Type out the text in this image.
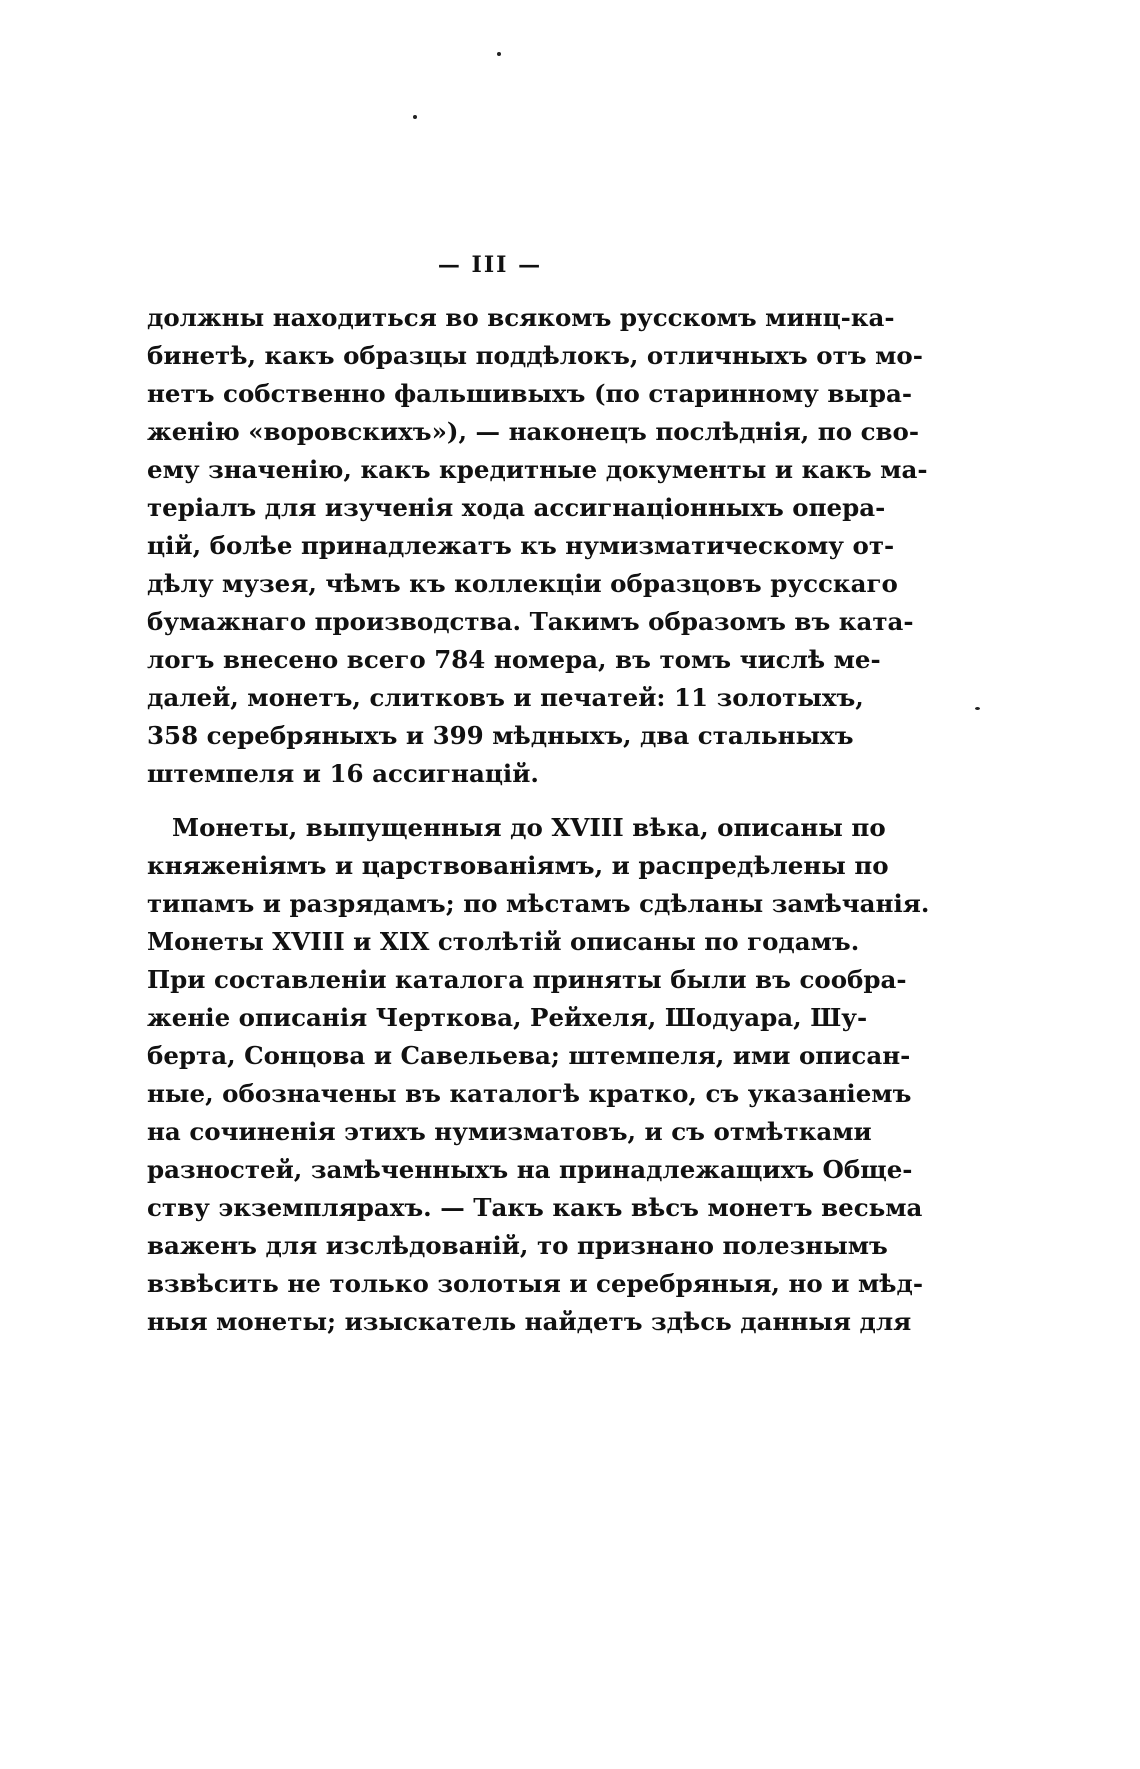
— III —

должны находиться во всякомъ русскомъ минц-ка-

бинетѣ, какъ образцы поддѣлокъ, отличныхъ отъ мо-

нетъ собственно фальшивыхъ (по старинному выра-

женію «воровскихъ»), — наконецъ послѣднія, по сво-

ему значенію, какъ кредитные документы и какъ ма-

теріалъ для изученія хода ассигнаціонныхъ опера-

цій, болѣе принадлежатъ къ нумизматическому от-

дѣлу музея, чѣмъ къ коллекціи образцовъ русскаго

бумажнаго производства. Такимъ образомъ въ ката-

логъ внесено всего 784 номера, въ томъ числѣ ме-

далей, монетъ, слитковъ и печатей: 11 золотыхъ,

358 серебряныхъ и 399 мѣдныхъ, два стальныхъ

штемпеля и 16 ассигнацій.

Монеты, выпущенныя до XVIII вѣка, описаны по

княженіямъ и царствованіямъ, и распредѣлены по

типамъ и разрядамъ; по мѣстамъ сдѣланы замѣчанія.

Монеты XVIII и XIX столѣтій описаны по годамъ.

При составленіи каталога приняты были въ сообра-

женіе описанія Черткова, Рейхеля, Шодуара, Шу-

берта, Сонцова и Савельева; штемпеля, ими описан-

ные, обозначены въ каталогѣ кратко, съ указаніемъ

на сочиненія этихъ нумизматовъ, и съ отмѣтками

разностей, замѣченныхъ на принадлежащихъ Обще-

ству экземплярахъ. — Такъ какъ вѣсъ монетъ весьма

важенъ для изслѣдованій, то признано полезнымъ

взвѣсить не только золотыя и серебряныя, но и мѣд-

ныя монеты; изыскатель найдетъ здѣсь данныя для
